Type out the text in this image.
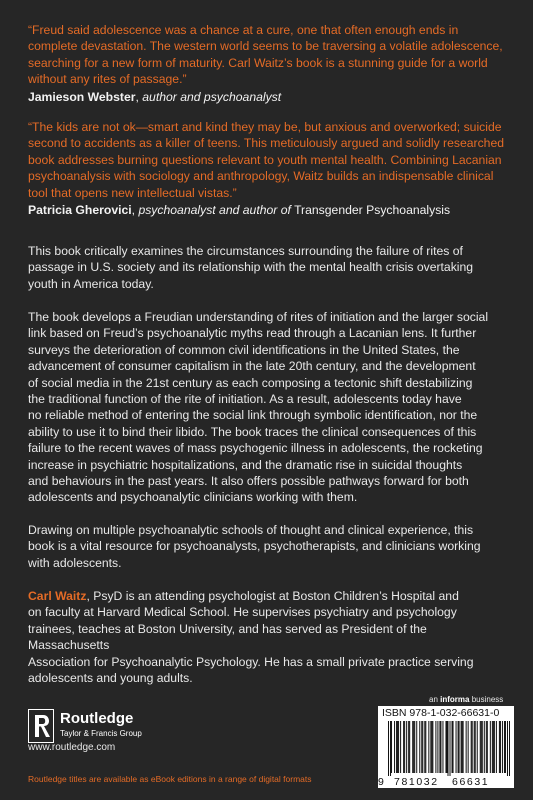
“Freud said adolescence was a chance at a cure, one that often enough ends in
complete devastation. The western world seems to be traversing a volatile adolescence,
searching for a new form of maturity. Carl Waitz’s book is a stunning guide for a world
without any rites of passage.”
Jamieson Webster, author and psychoanalyst
“The kids are not ok—smart and kind they may be, but anxious and overworked; suicide
second to accidents as a killer of teens. This meticulously argued and solidly researched
book addresses burning questions relevant to youth mental health. Combining Lacanian
psychoanalysis with sociology and anthropology, Waitz builds an indispensable clinical
tool that opens new intellectual vistas.”
Patricia Gherovici, psychoanalyst and author of Transgender Psychoanalysis
This book critically examines the circumstances surrounding the failure of rites of
passage in U.S. society and its relationship with the mental health crisis overtaking
youth in America today.
The book develops a Freudian understanding of rites of initiation and the larger social
link based on Freud’s psychoanalytic myths read through a Lacanian lens. It further
surveys the deterioration of common civil identifications in the United States, the
advancement of consumer capitalism in the late 20th century, and the development
of social media in the 21st century as each composing a tectonic shift destabilizing
the traditional function of the rite of initiation. As a result, adolescents today have
no reliable method of entering the social link through symbolic identification, nor the
ability to use it to bind their libido. The book traces the clinical consequences of this
failure to the recent waves of mass psychogenic illness in adolescents, the rocketing
increase in psychiatric hospitalizations, and the dramatic rise in suicidal thoughts
and behaviours in the past years. It also offers possible pathways forward for both
adolescents and psychoanalytic clinicians working with them.
Drawing on multiple psychoanalytic schools of thought and clinical experience, this
book is a vital resource for psychoanalysts, psychotherapists, and clinicians working
with adolescents.
Carl Waitz, PsyD is an attending psychologist at Boston Children’s Hospital and
on faculty at Harvard Medical School. He supervises psychiatry and psychology
trainees, teaches at Boston University, and has served as President of the Massachusetts
Association for Psychoanalytic Psychology. He has a small private practice serving
adolescents and young adults.
Routledge
Taylor & Francis Group
www.routledge.com
Routledge titles are available as eBook editions in a range of digital formats
an informa business
ISBN 978-1-032-66631-0
9 781032 66631
